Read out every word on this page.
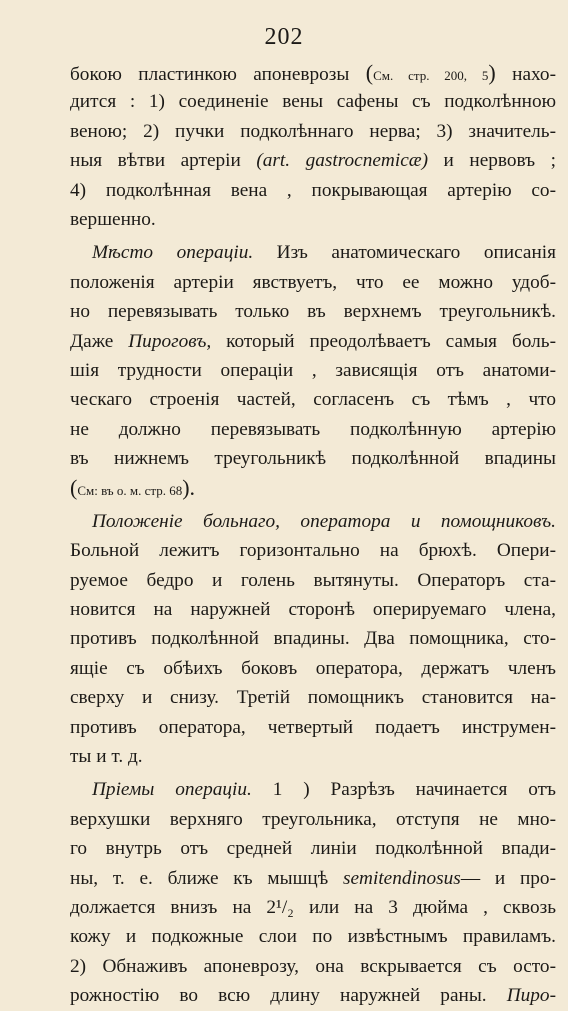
202
бокою пластинкою апоневрозы (См. стр. 200, 5) нахо-
дится : 1) соединеніе вены сафены съ подколѣнною
веною; 2) пучки подколѣннаго нерва; 3) значитель-
ныя вѣтви артеріи (art. gastrocnemicæ) и нервовъ ;
4) подколѣнная вена , покрывающая артерію со-
вершенно.
Мѣсто операціи. Изъ анатомическаго описанія
положенія артеріи явствуетъ, что ее можно удоб-
но перевязывать только въ верхнемъ треугольникѣ.
Даже Пироговъ, который преодолѣваетъ самыя боль-
шія трудности операціи , зависящія отъ анатоми-
ческаго строенія частей, согласенъ съ тѣмъ , что
не должно перевязывать подколѣнную артерію
въ нижнемъ треугольникѣ подколѣнной впадины
(См: въ о. м. стр. 68).
Положеніе больнаго, оператора и помощниковъ.
Больной лежитъ горизонтально на брюхѣ. Опери-
руемое бедро и голень вытянуты. Операторъ ста-
новится на наружней сторонѣ оперируемаго члена,
противъ подколѣнной впадины. Два помощника, сто-
ящіе съ обѣихъ боковъ оператора, держатъ членъ
сверху и снизу. Третій помощникъ становится на-
противъ оператора, четвертый подаетъ инструмен-
ты и т. д.
Пріемы операціи. 1 ) Разрѣзъ начинается отъ
верхушки верхняго треугольника, отступя не мно-
го внутрь отъ средней линіи подколѣнной впади-
ны, т. е. ближе къ мышцѣ semitendinosus— и про-
должается внизъ на 2¹/₂ или на 3 дюйма , сквозь
кожу и подкожные слои по извѣстнымъ правиламъ.
2) Обнаживъ апоневрозу, она вскрывается съ осто-
рожностію во всю длину наружней раны. Пиро-
